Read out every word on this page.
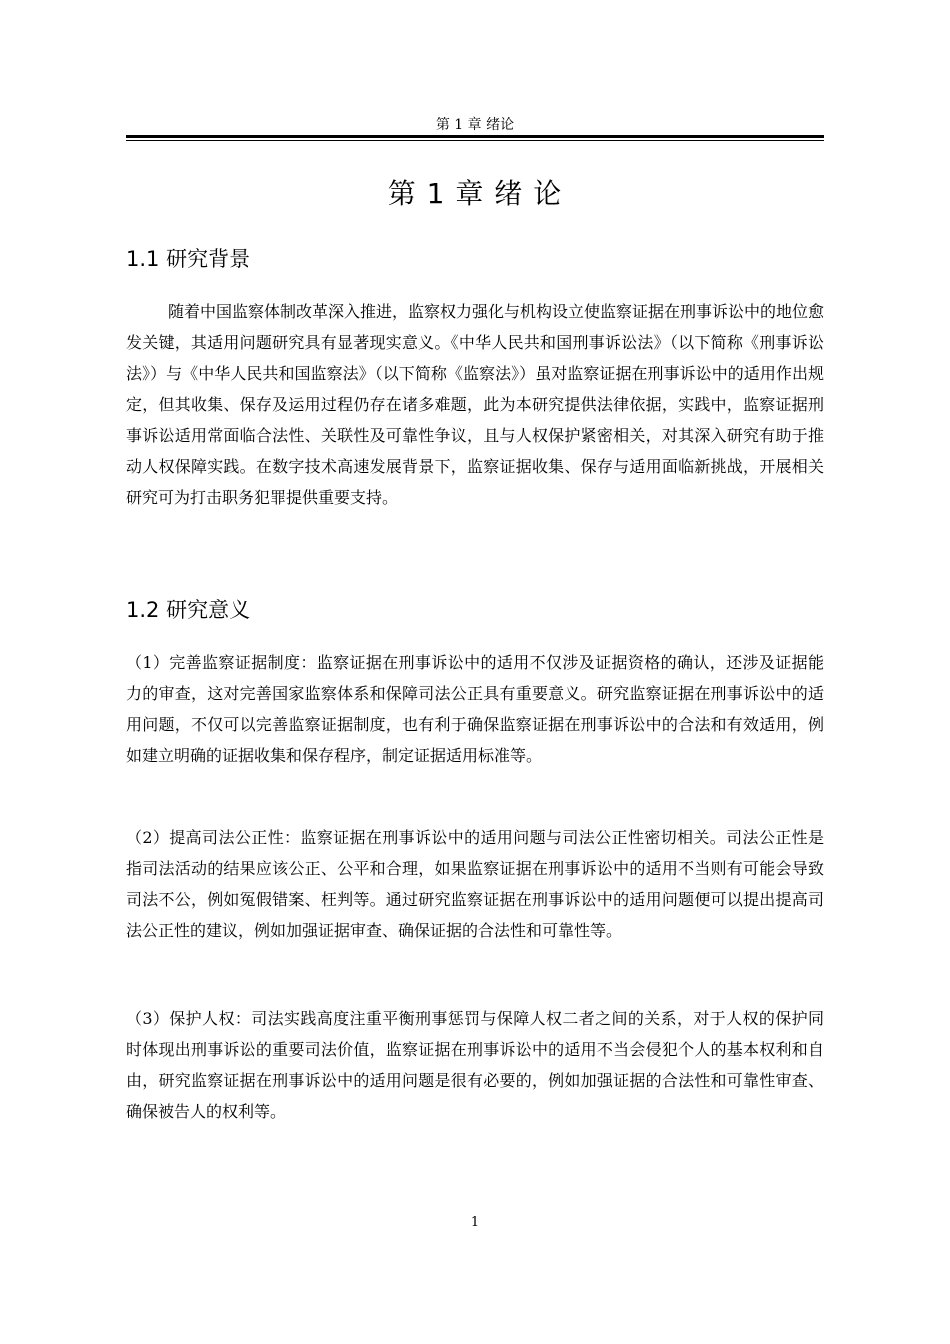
第 1 章 绪论
第 1 章 绪 论
1.1 研究背景

随着中国监察体制改革深入推进，监察权力强化与机构设立使监察证据在刑事诉讼中的地位愈发关键，其适用问题研究具有显著现实意义。《中华人民共和国刑事诉讼法》（以下简称《刑事诉讼法》）与《中华人民共和国监察法》（以下简称《监察法》）虽对监察证据在刑事诉讼中的适用作出规定，但其收集、保存及运用过程仍存在诸多难题，此为本研究提供法律依据，实践中，监察证据刑事诉讼适用常面临合法性、关联性及可靠性争议，且与人权保护紧密相关，对其深入研究有助于推动人权保障实践。在数字技术高速发展背景下，监察证据收集、保存与适用面临新挑战，开展相关研究可为打击职务犯罪提供重要支持。

1.2 研究意义

（1）完善监察证据制度：监察证据在刑事诉讼中的适用不仅涉及证据资格的确认，还涉及证据能力的审查，这对完善国家监察体系和保障司法公正具有重要意义。研究监察证据在刑事诉讼中的适用问题，不仅可以完善监察证据制度，也有利于确保监察证据在刑事诉讼中的合法和有效适用，例如建立明确的证据收集和保存程序，制定证据适用标准等。

（2）提高司法公正性：监察证据在刑事诉讼中的适用问题与司法公正性密切相关。司法公正性是指司法活动的结果应该公正、公平和合理，如果监察证据在刑事诉讼中的适用不当则有可能会导致司法不公，例如冤假错案、枉判等。通过研究监察证据在刑事诉讼中的适用问题便可以提出提高司法公正性的建议，例如加强证据审查、确保证据的合法性和可靠性等。

（3）保护人权：司法实践高度注重平衡刑事惩罚与保障人权二者之间的关系，对于人权的保护同时体现出刑事诉讼的重要司法价值，监察证据在刑事诉讼中的适用不当会侵犯个人的基本权利和自由，研究监察证据在刑事诉讼中的适用问题是很有必要的，例如加强证据的合法性和可靠性审查、确保被告人的权利等。

1
